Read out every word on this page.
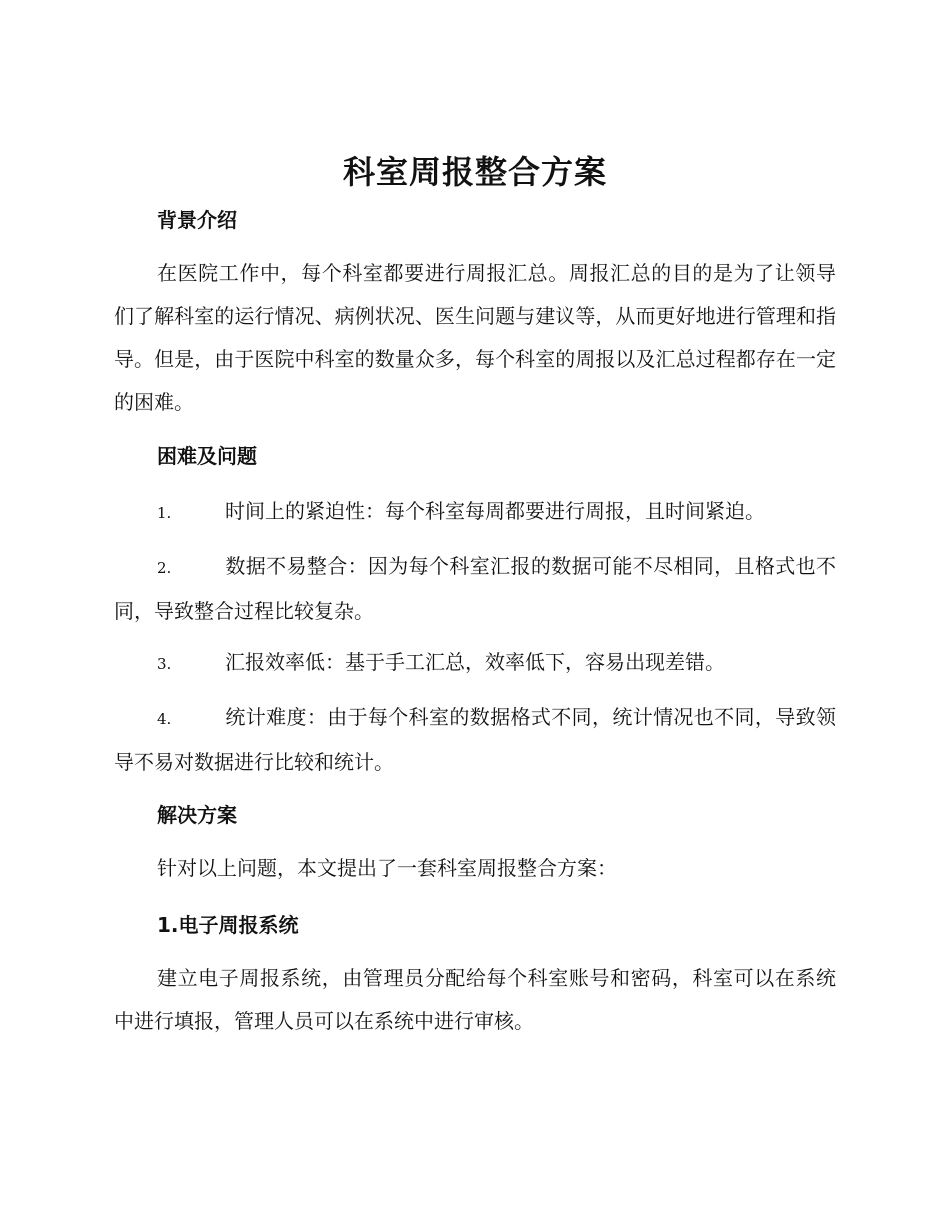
科室周报整合方案
背景介绍

在医院工作中，每个科室都要进行周报汇总。周报汇总的目的是为了让领导们了解科室的运行情况、病例状况、医生问题与建议等，从而更好地进行管理和指导。但是，由于医院中科室的数量众多，每个科室的周报以及汇总过程都存在一定的困难。

困难及问题

1.	时间上的紧迫性：每个科室每周都要进行周报，且时间紧迫。

2.	数据不易整合：因为每个科室汇报的数据可能不尽相同，且格式也不同，导致整合过程比较复杂。

3.	汇报效率低：基于手工汇总，效率低下，容易出现差错。

4.	统计难度：由于每个科室的数据格式不同，统计情况也不同，导致领导不易对数据进行比较和统计。

解决方案

针对以上问题，本文提出了一套科室周报整合方案：

1.电子周报系统

建立电子周报系统，由管理员分配给每个科室账号和密码，科室可以在系统中进行填报，管理人员可以在系统中进行审核。
